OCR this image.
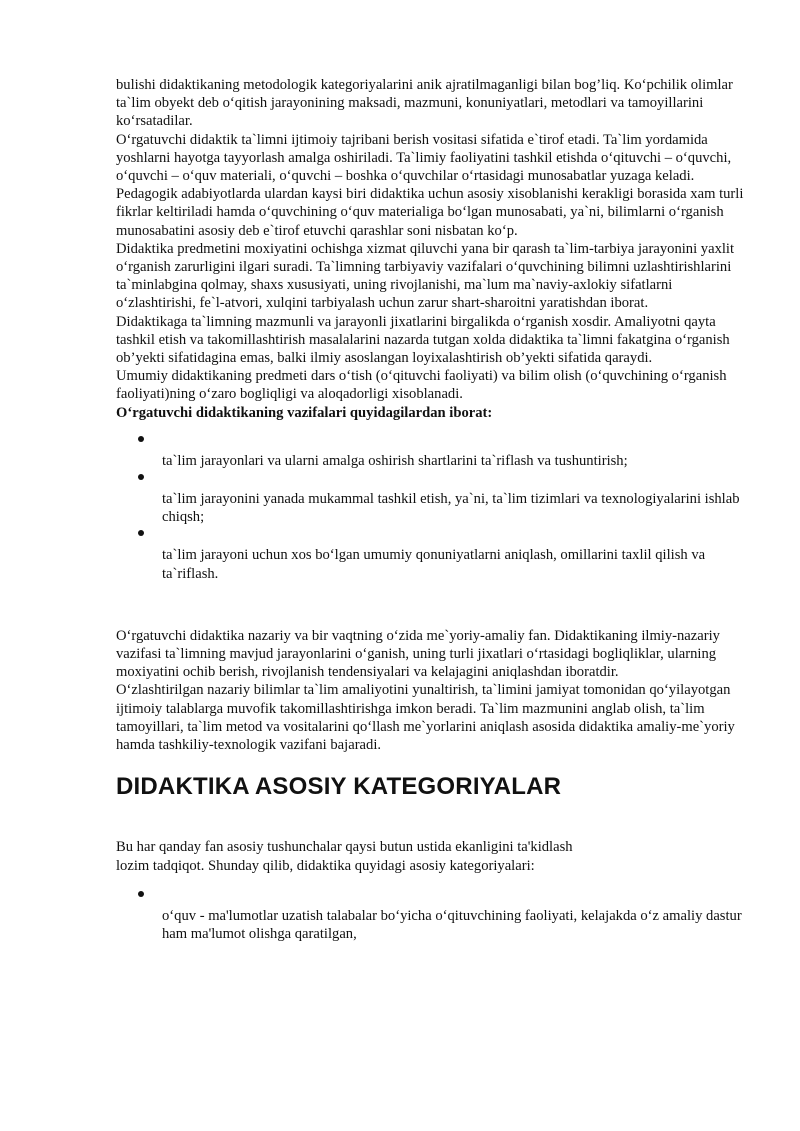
bulishi didaktikaning metodologik kategoriyalarini anik ajratilmaganligi bilan bog’liq. Ko‘pchilik olimlar ta`lim obyekt deb o‘qitish jarayonining maksadi, mazmuni, konuniyatlari, metodlari va tamoyillarini ko‘rsatadilar.

O‘rgatuvchi didaktik ta`limni ijtimoiy tajribani berish vositasi sifatida e`tirof etadi. Ta`lim yordamida yoshlarni hayotga tayyorlash amalga oshiriladi. Ta`limiy faoliyatini tashkil etishda o‘qituvchi – o‘quvchi, o‘quvchi – o‘quv materiali, o‘quvchi – boshka o‘quvchilar o‘rtasidagi munosabatlar yuzaga keladi.

Pedagogik adabiyotlarda ulardan kaysi biri didaktika uchun asosiy xisoblanishi kerakligi borasida xam turli fikrlar keltiriladi hamda o‘quvchining o‘quv materialiga bo‘lgan munosabati, ya`ni, bilimlarni o‘rganish munosabatini asosiy deb e`tirof etuvchi qarashlar soni nisbatan ko‘p.

Didaktika predmetini moxiyatini ochishga xizmat qiluvchi yana bir qarash ta`lim-tarbiya jarayonini yaxlit o‘rganish zarurligini ilgari suradi. Ta`limning tarbiyaviy vazifalari o‘quvchining bilimni uzlashtirishlarini ta`minlabgina qolmay, shaxs xususiyati, uning rivojlanishi, ma`lum ma`naviy-axlokiy sifatlarni o‘zlashtirishi, fe`l-atvori, xulqini tarbiyalash uchun zarur shart-sharoitni yaratishdan iborat.

Didaktikaga ta`limning mazmunli va jarayonli jixatlarini birgalikda o‘rganish xosdir. Amaliyotni qayta tashkil etish va takomillashtirish masalalarini nazarda tutgan xolda didaktika ta`limni fakatgina o‘rganish ob’yekti sifatidagina emas, balki ilmiy asoslangan loyixalashtirish ob’yekti sifatida qaraydi.

Umumiy didaktikaning predmeti dars o‘tish (o‘qituvchi faoliyati) va bilim olish (o‘quvchining o‘rganish faoliyati)ning o‘zaro bogliqligi va aloqadorligi xisoblanadi.

O‘rgatuvchi didaktikaning vazifalari quyidagilardan iborat:

ta`lim jarayonlari va ularni amalga oshirish shartlarini ta`riflash va tushuntirish;
ta`lim jarayonini yanada mukammal tashkil etish, ya`ni, ta`lim tizimlari va texnologiyalarini ishlab chiqsh;
ta`lim jarayoni uchun xos bo‘lgan umumiy qonuniyatlarni aniqlash, omillarini taxlil qilish va ta`riflash.

O‘rgatuvchi didaktika nazariy va bir vaqtning o‘zida me`yoriy-amaliy fan. Didaktikaning ilmiy-nazariy vazifasi ta`limning mavjud jarayonlarini o‘ganish, uning turli jixatlari o‘rtasidagi bogliqliklar, ularning moxiyatini ochib berish, rivojlanish tendensiyalari va kelajagini aniqlashdan iboratdir.

O‘zlashtirilgan nazariy bilimlar ta`lim amaliyotini yunaltirish, ta`limini jamiyat tomonidan qo‘yilayotgan ijtimoiy talablarga muvofik takomillashtirishga imkon beradi. Ta`lim mazmunini anglab olish, ta`lim tamoyillari, ta`lim metod va vositalarini qo‘llash me`yorlarini aniqlash asosida didaktika amaliy-me`yoriy hamda tashkiliy-texnologik vazifani bajaradi.

DIDAKTIKA ASOSIY KATEGORIYALAR

Bu har qanday fan asosiy tushunchalar qaysi butun ustida ekanligini ta'kidlash

lozim tadqiqot. Shunday qilib, didaktika quyidagi asosiy kategoriyalari:

o‘quv - ma'lumotlar uzatish talabalar bo‘yicha o‘qituvchining faoliyati, kelajakda o‘z amaliy dastur ham ma'lumot olishga qaratilgan,
